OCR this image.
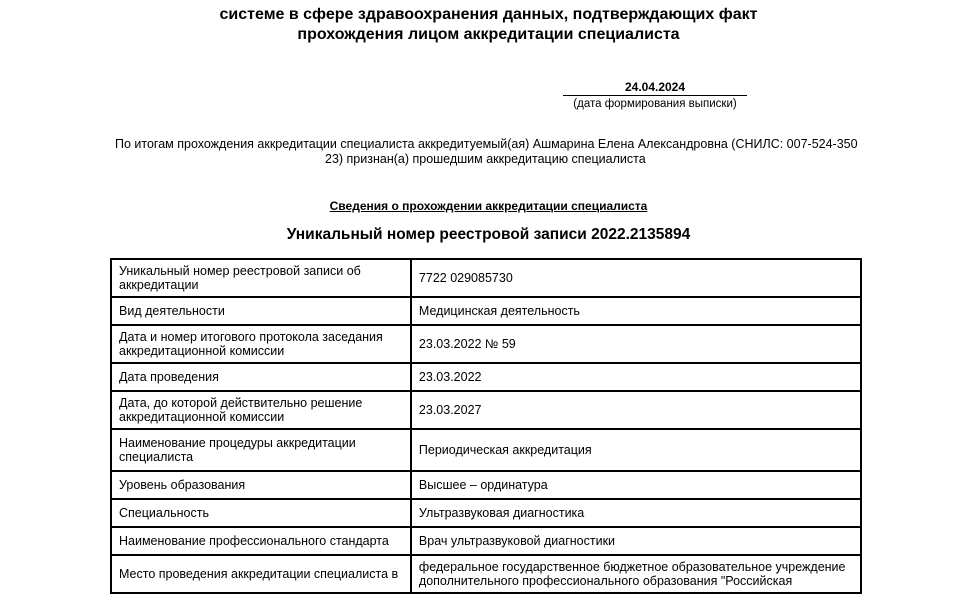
системе в сфере здравоохранения данных, подтверждающих факт
прохождения лицом аккредитации специалиста
24.04.2024
(дата формирования выписки)
По итогам прохождения аккредитации специалиста аккредитуемый(ая) Ашмарина Елена Александровна (СНИЛС: 007-524-350
23) признан(а) прошедшим аккредитацию специалиста
Сведения о прохождении аккредитации специалиста
Уникальный номер реестровой записи 2022.2135894
Уникальный номер реестровой записи об аккредитации	7722 029085730
Вид деятельности	Медицинская деятельность
Дата и номер итогового протокола заседания аккредитационной комиссии	23.03.2022 № 59
Дата проведения	23.03.2022
Дата, до которой действительно решение аккредитационной комиссии	23.03.2027
Наименование процедуры аккредитации специалиста	Периодическая аккредитация
Уровень образования	Высшее – ординатура
Специальность	Ультразвуковая диагностика
Наименование профессионального стандарта	Врач ультразвуковой диагностики
Место проведения аккредитации специалиста в	федеральное государственное бюджетное образовательное учреждение дополнительного профессионального образования "Российская
